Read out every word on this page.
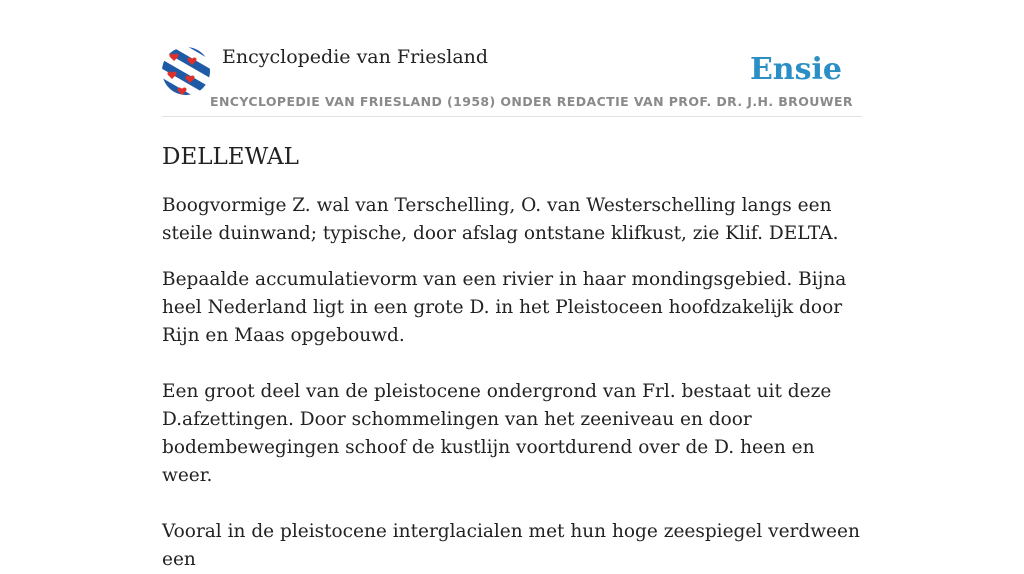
Encyclopedie van Friesland
ENCYCLOPEDIE VAN FRIESLAND (1958) ONDER REDACTIE VAN PROF. DR. J.H. BROUWER
Ensie
DELLEWAL

Boogvormige Z. wal van Terschelling, O. van Westerschelling langs een steile duinwand; typische, door afslag ontstane klifkust, zie Klif. DELTA.

Bepaalde accumulatievorm van een rivier in haar mondingsgebied. Bijna heel Nederland ligt in een grote D. in het Pleistoceen hoofdzakelijk door Rijn en Maas opgebouwd.

Een groot deel van de pleistocene ondergrond van Frl. bestaat uit deze D.afzettingen. Door schommelingen van het zeeniveau en door bodembewegingen schoof de kustlijn voortdurend over de D. heen en weer.

Vooral in de pleistocene interglacialen met hun hoge zeespiegel verdween een
